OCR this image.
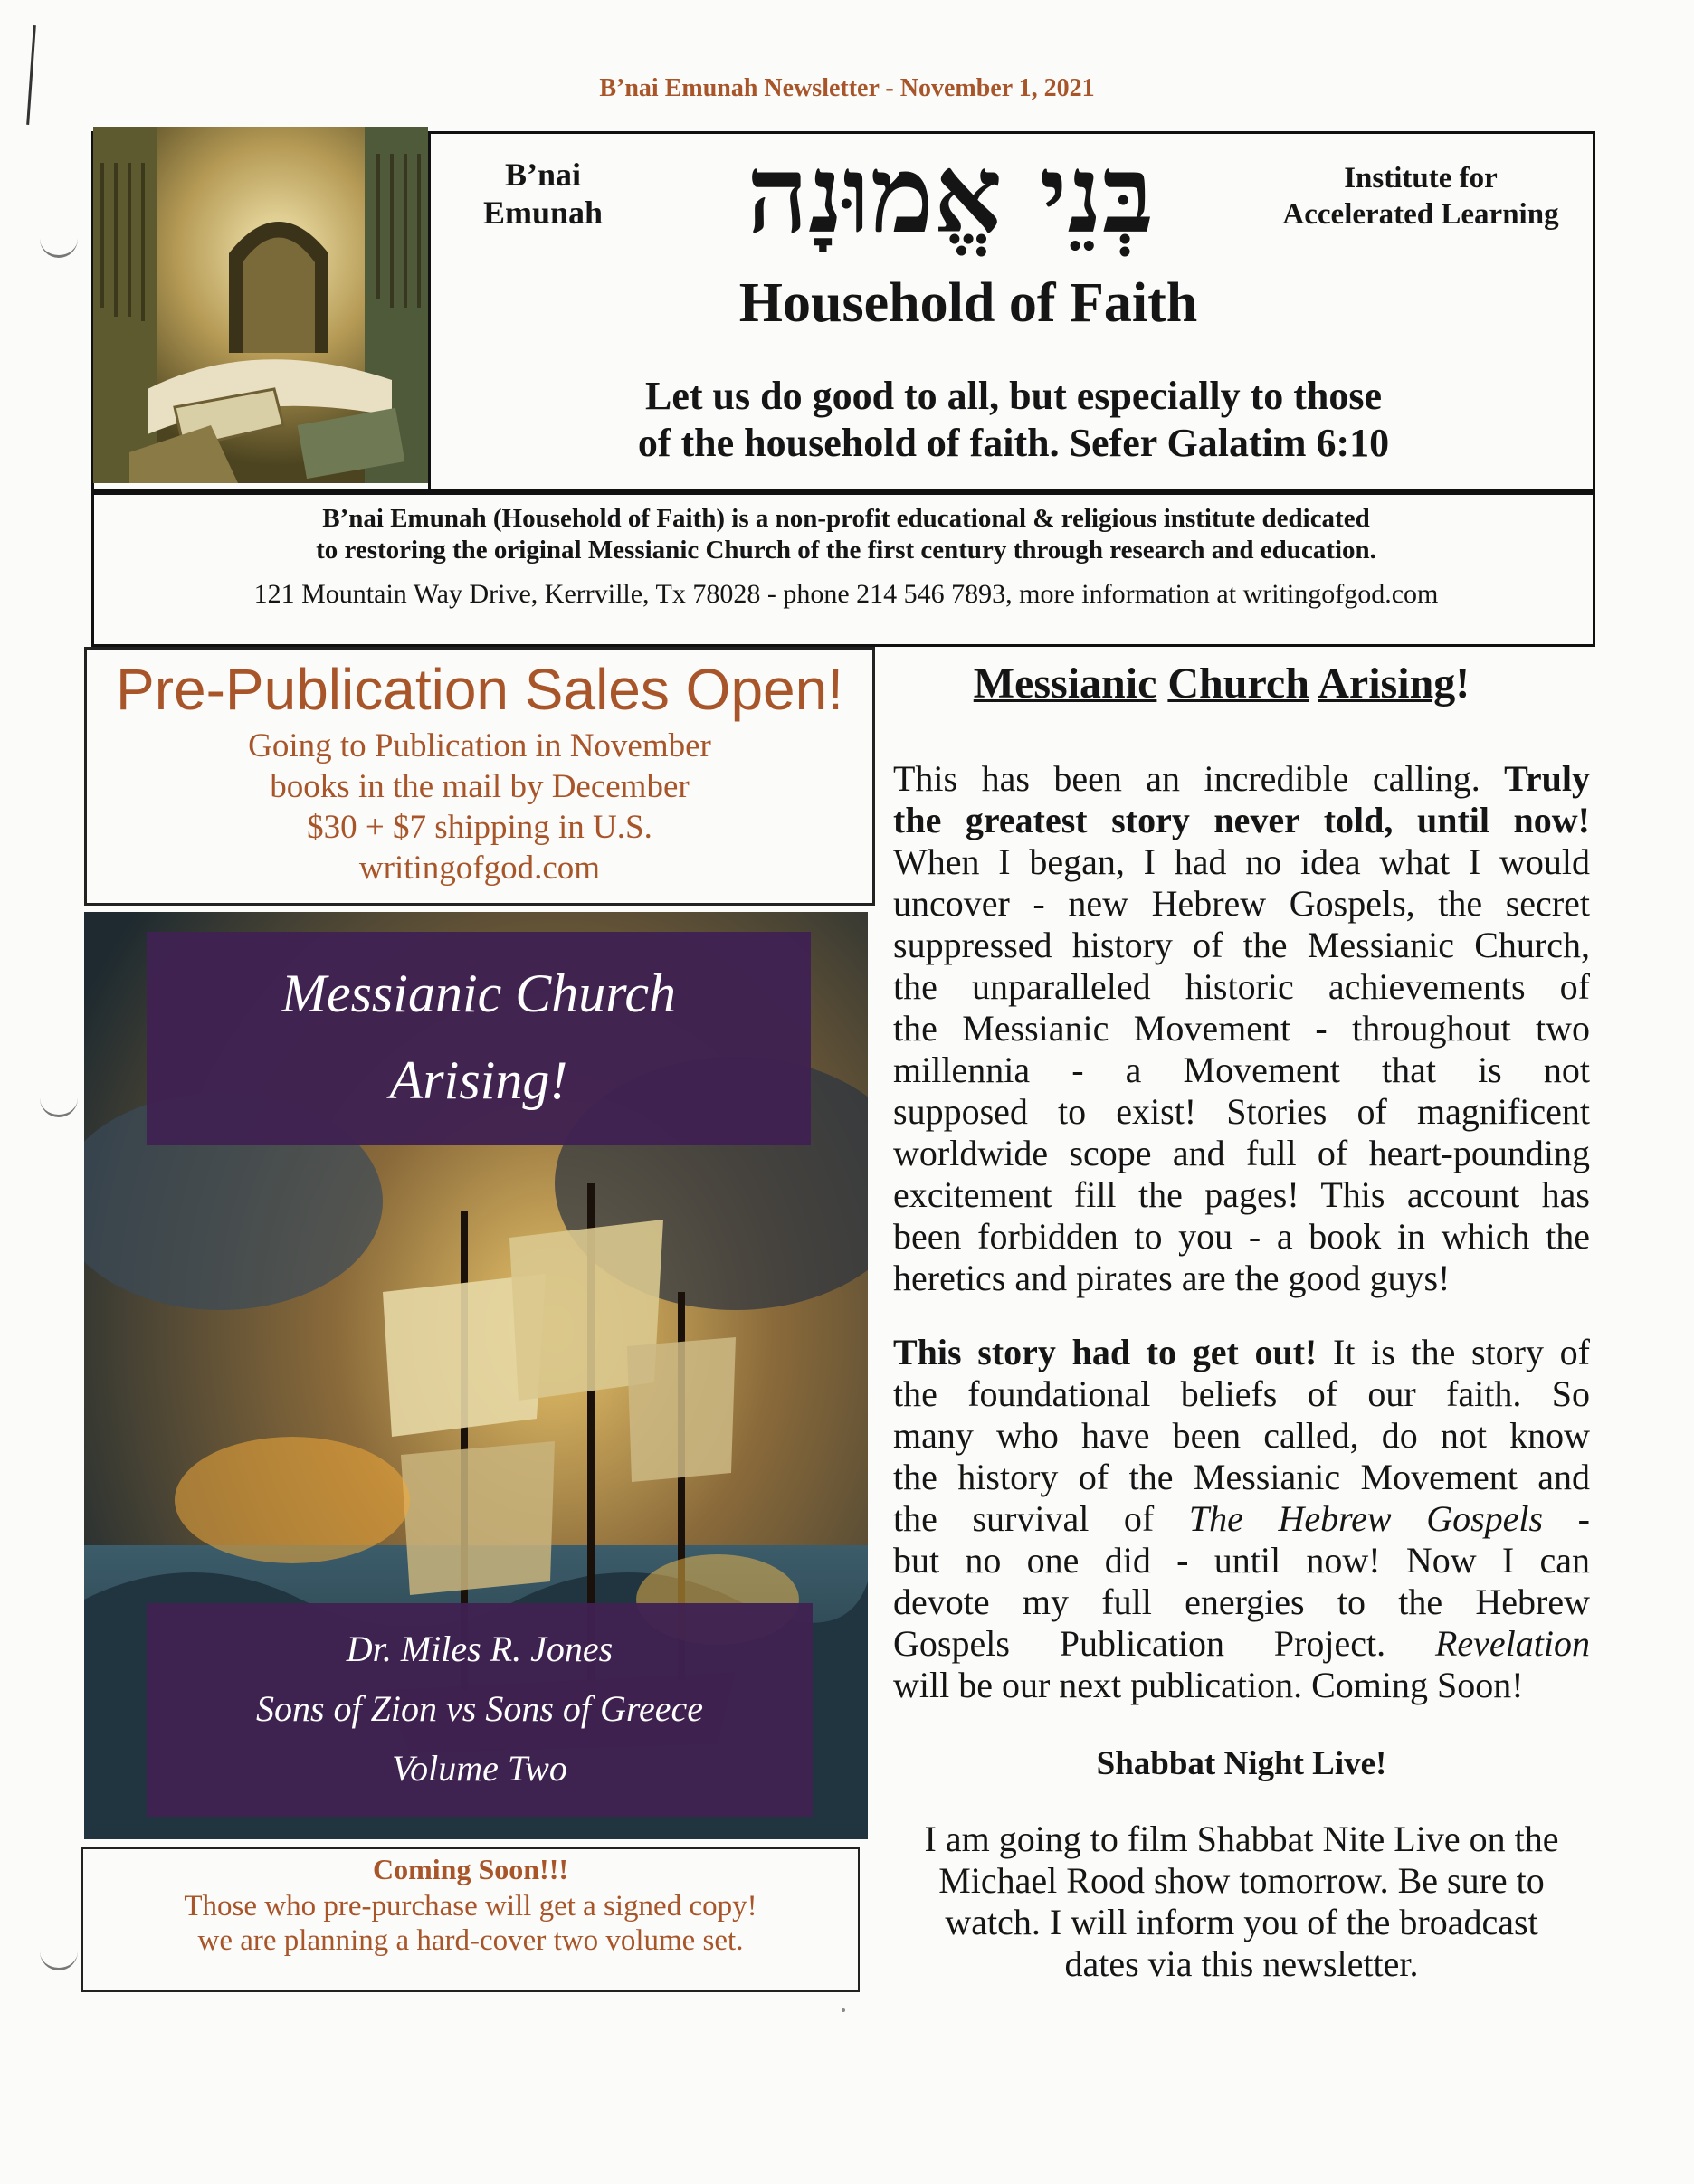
B’nai Emunah Newsletter - November 1, 2021
B’nai
Emunah	בְּנֵי אֱמוּנָה	Institute for
Accelerated Learning
Household of Faith
Let us do good to all, but especially to those
of the household of faith. Sefer Galatim 6:10
B’nai Emunah (Household of Faith) is a non-profit educational & religious institute dedicated
to restoring the original Messianic Church of the first century through research and education.
121 Mountain Way Drive, Kerrville, Tx 78028 - phone 214 546 7893, more information at writingofgod.com
Pre-Publication Sales Open!
Going to Publication in November
books in the mail by December
$30 + $7 shipping in U.S.
writingofgod.com
Messianic Church
Arising!
Dr. Miles R. Jones
Sons of Zion vs Sons of Greece
Volume Two
Coming Soon!!!
Those who pre-purchase will get a signed copy!
we are planning a hard-cover two volume set.
Messianic Church Arising!
This has been an incredible calling. Truly
the greatest story never told, until now!
When I began, I had no idea what I would
uncover - new Hebrew Gospels, the secret
suppressed history of the Messianic Church,
the unparalleled historic achievements of
the Messianic Movement - throughout two
millennia - a Movement that is not
supposed to exist! Stories of magnificent
worldwide scope and full of heart-pounding
excitement fill the pages! This account has
been forbidden to you - a book in which the
heretics and pirates are the good guys!
This story had to get out! It is the story of
the foundational beliefs of our faith. So
many who have been called, do not know
the history of the Messianic Movement and
the survival of The Hebrew Gospels -
but no one did - until now! Now I can
devote my full energies to the Hebrew
Gospels Publication Project. Revelation
will be our next publication. Coming Soon!
Shabbat Night Live!
I am going to film Shabbat Nite Live on the
Michael Rood show tomorrow. Be sure to
watch. I will inform you of the broadcast
dates via this newsletter.
